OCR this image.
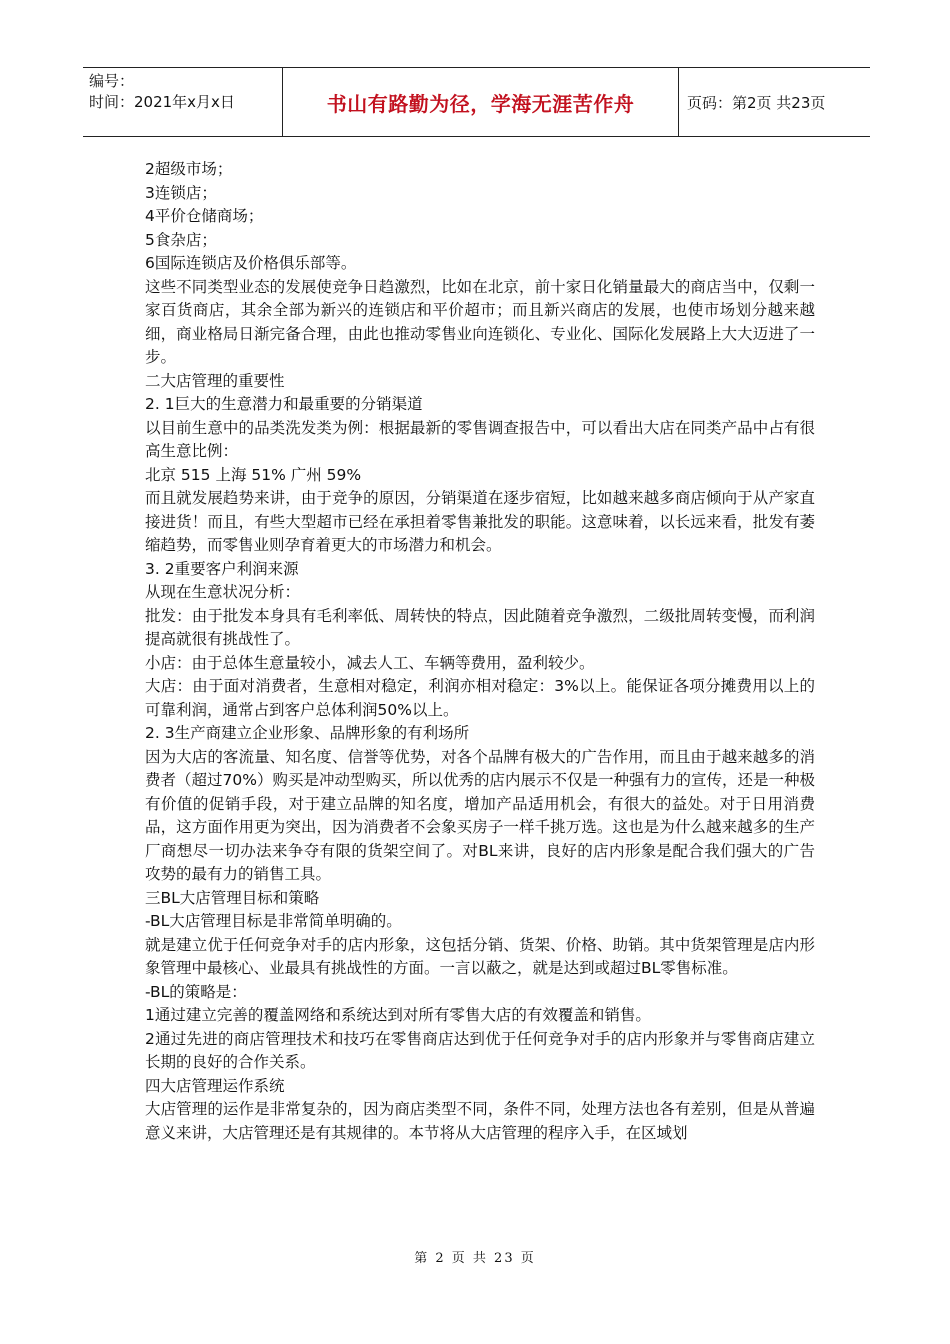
编号：
时间：2021年x月x日	书山有路勤为径，学海无涯苦作舟	页码：第2页 共23页

2超级市场；

3连锁店；

4平价仓储商场；

5食杂店；

6国际连锁店及价格俱乐部等。

这些不同类型业态的发展使竞争日趋激烈，比如在北京，前十家日化销量最大的商店当中，仅剩一家百货商店，其余全部为新兴的连锁店和平价超市；而且新兴商店的发展，也使市场划分越来越细，商业格局日渐完备合理，由此也推动零售业向连锁化、专业化、国际化发展路上大大迈进了一步。

二大店管理的重要性

2. 1巨大的生意潜力和最重要的分销渠道

以目前生意中的品类洗发类为例：根据最新的零售调查报告中，可以看出大店在同类产品中占有很高生意比例：

北京 515 上海 51% 广州 59%

而且就发展趋势来讲，由于竞争的原因，分销渠道在逐步宿短，比如越来越多商店倾向于从产家直接进货！而且，有些大型超市已经在承担着零售兼批发的职能。这意味着，以长远来看，批发有萎缩趋势，而零售业则孕育着更大的市场潜力和机会。

3. 2重要客户利润来源

从现在生意状况分析：

批发：由于批发本身具有毛利率低、周转快的特点，因此随着竞争激烈，二级批周转变慢，而利润提高就很有挑战性了。

小店：由于总体生意量较小，减去人工、车辆等费用，盈利较少。

大店：由于面对消费者，生意相对稳定，利润亦相对稳定：3%以上。能保证各项分摊费用以上的可靠利润，通常占到客户总体利润50%以上。

2. 3生产商建立企业形象、品牌形象的有利场所

因为大店的客流量、知名度、信誉等优势，对各个品牌有极大的广告作用，而且由于越来越多的消费者（超过70%）购买是冲动型购买，所以优秀的店内展示不仅是一种强有力的宣传，还是一种极有价值的促销手段，对于建立品牌的知名度，增加产品适用机会，有很大的益处。对于日用消费品，这方面作用更为突出，因为消费者不会象买房子一样千挑万选。这也是为什么越来越多的生产厂商想尽一切办法来争夺有限的货架空间了。对BL来讲，良好的店内形象是配合我们强大的广告攻势的最有力的销售工具。

三BL大店管理目标和策略

-BL大店管理目标是非常简单明确的。

就是建立优于任何竞争对手的店内形象，这包括分销、货架、价格、助销。其中货架管理是店内形象管理中最核心、业最具有挑战性的方面。一言以蔽之，就是达到或超过BL零售标准。

-BL的策略是：

1通过建立完善的覆盖网络和系统达到对所有零售大店的有效覆盖和销售。

2通过先进的商店管理技术和技巧在零售商店达到优于任何竞争对手的店内形象并与零售商店建立长期的良好的合作关系。

四大店管理运作系统

大店管理的运作是非常复杂的，因为商店类型不同，条件不同，处理方法也各有差别，但是从普遍意义来讲，大店管理还是有其规律的。本节将从大店管理的程序入手，在区域划

第 2 页 共 23 页
